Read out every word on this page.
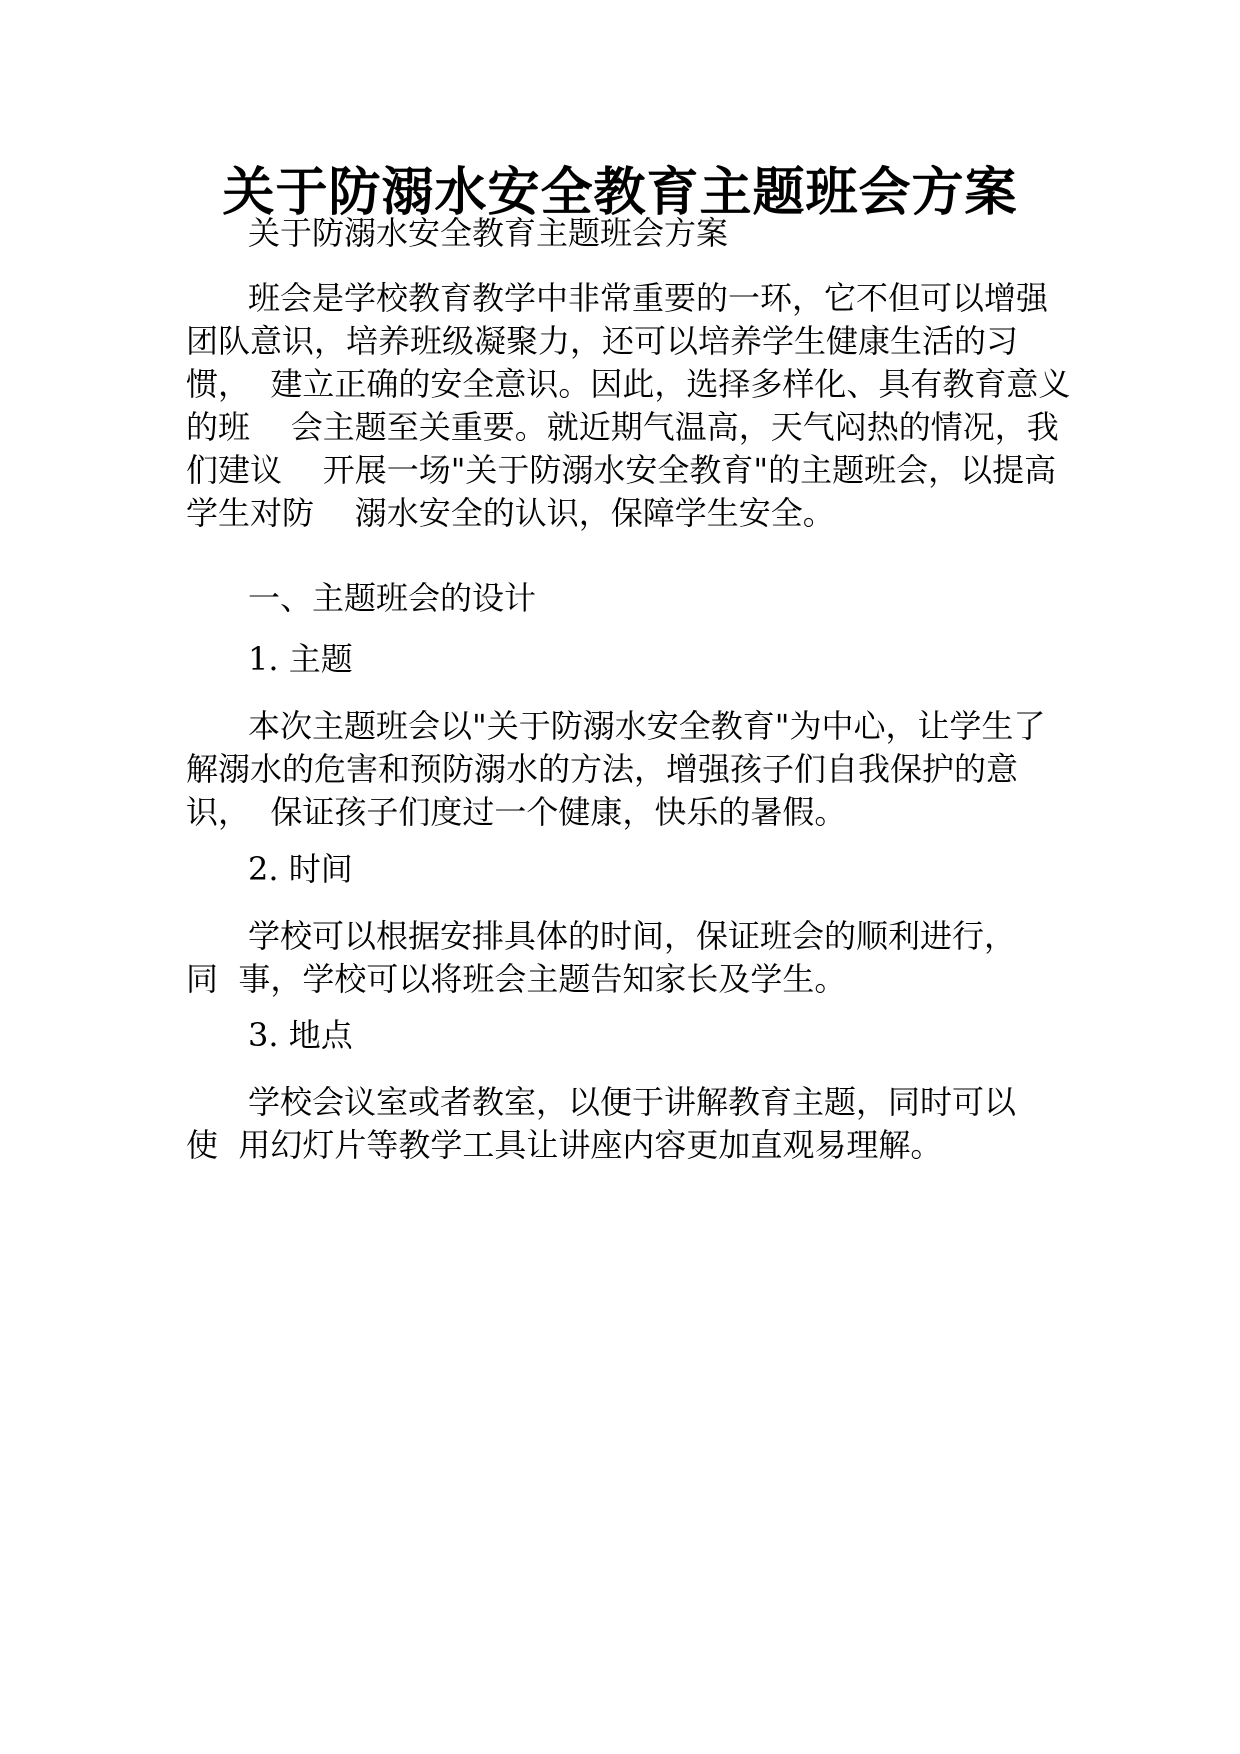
关于防溺水安全教育主题班会方案

关于防溺水安全教育主题班会方案

班会是学校教育教学中非常重要的一环，它不但可以增强
团队意识，培养班级凝聚力，还可以培养学生健康生活的习
惯，  建立正确的安全意识。因此，选择多样化、具有教育意义
的班    会主题至关重要。就近期气温高，天气闷热的情况，我
们建议    开展一场"关于防溺水安全教育"的主题班会，以提高
学生对防    溺水安全的认识，保障学生安全。

一、主题班会的设计

1. 主题

本次主题班会以"关于防溺水安全教育"为中心，让学生了
解溺水的危害和预防溺水的方法，增强孩子们自我保护的意
识，  保证孩子们度过一个健康，快乐的暑假。

2. 时间

学校可以根据安排具体的时间，保证班会的顺利进行，
同  事，学校可以将班会主题告知家长及学生。

3. 地点

学校会议室或者教室，以便于讲解教育主题，同时可以
使  用幻灯片等教学工具让讲座内容更加直观易理解。
